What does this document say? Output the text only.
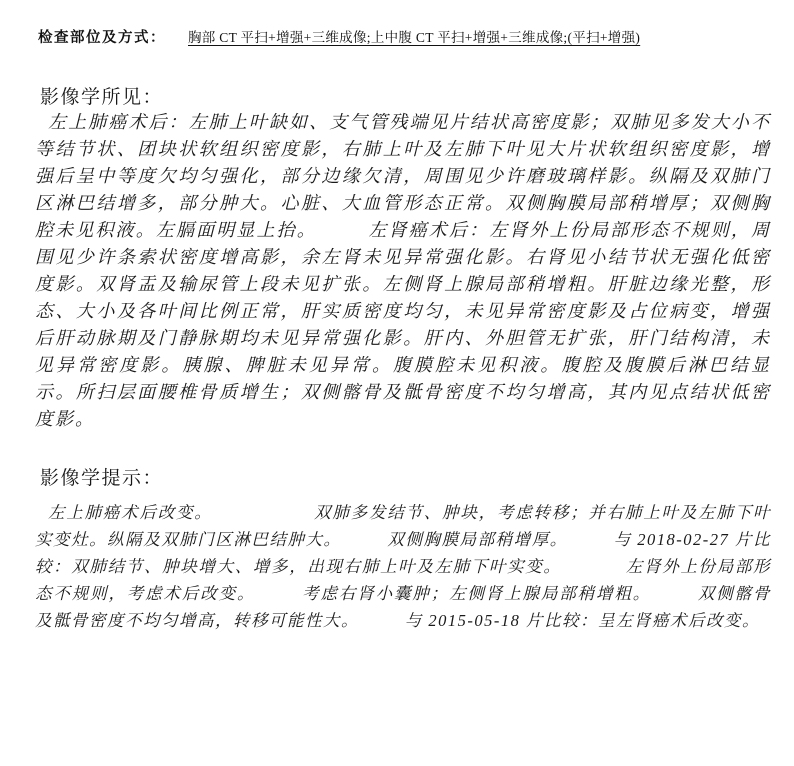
检查部位及方式： 胸部 CT 平扫+增强+三维成像;上中腹 CT 平扫+增强+三维成像;(平扫+增强)
影像学所见：

左上肺癌术后：左肺上叶缺如、支气管残端见片结状高密度影；双肺见多发大小不等结节状、团块状软组织密度影，右肺上叶及左肺下叶见大片状软组织密度影，增强后呈中等度欠均匀强化，部分边缘欠清，周围见少许磨玻璃样影。纵隔及双肺门区淋巴结增多，部分肿大。心脏、大血管形态正常。双侧胸膜局部稍增厚；双侧胸腔未见积液。左膈面明显上抬。　　　左肾癌术后：左肾外上份局部形态不规则，周围见少许条索状密度增高影，余左肾未见异常强化影。右肾见小结节状无强化低密度影。双肾盂及输尿管上段未见扩张。左侧肾上腺局部稍增粗。肝脏边缘光整，形态、大小及各叶间比例正常，肝实质密度均匀，未见异常密度影及占位病变，增强后肝动脉期及门静脉期均未见异常强化影。肝内、外胆管无扩张，肝门结构清，未见异常密度影。胰腺、脾脏未见异常。腹膜腔未见积液。腹腔及腹膜后淋巴结显示。所扫层面腰椎骨质增生；双侧髂骨及骶骨密度不均匀增高，其内见点结状低密度影。

影像学提示：

左上肺癌术后改变。　　　　　　双肺多发结节、肿块，考虑转移；并右肺上叶及左肺下叶实变灶。纵隔及双肺门区淋巴结肿大。　　　双侧胸膜局部稍增厚。　　　与 2018-02-27 片比较：双肺结节、肿块增大、增多，出现右肺上叶及左肺下叶实变。　　　　左肾外上份局部形态不规则，考虑术后改变。　　　考虑右肾小囊肿；左侧肾上腺局部稍增粗。　　　双侧髂骨及骶骨密度不均匀增高，转移可能性大。　　　与 2015-05-18 片比较：呈左肾癌术后改变。
